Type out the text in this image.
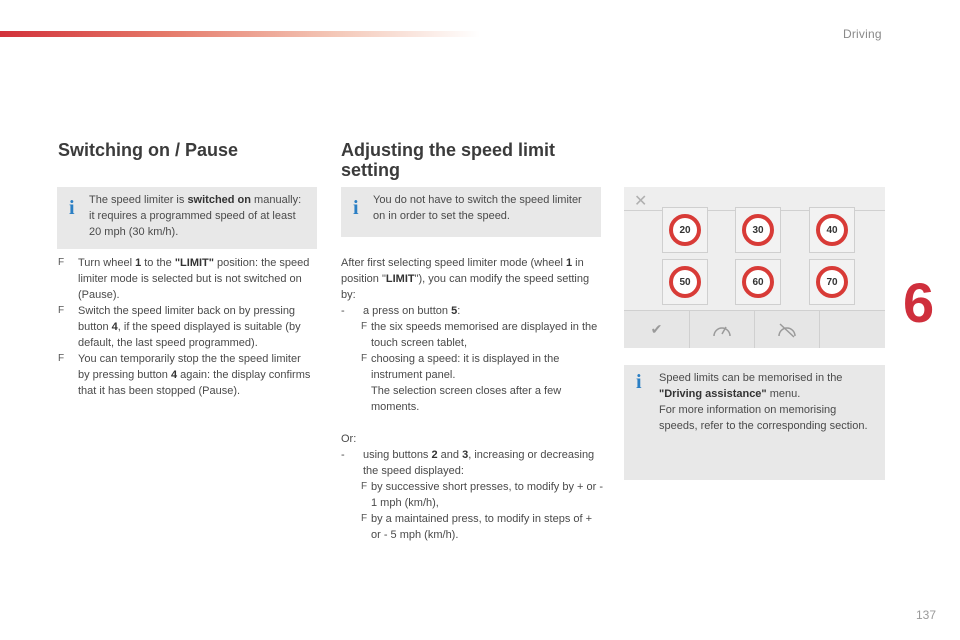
Driving
6
137
Switching on / Pause
i	The speed limiter is switched on manually: it requires a programmed speed of at least 20 mph (30 km/h).
F	Turn wheel 1 to the "LIMIT" position: the speed limiter mode is selected but is not switched on (Pause).
F	Switch the speed limiter back on by pressing button 4, if the speed displayed is suitable (by default, the last speed programmed).
F	You can temporarily stop the the speed limiter by pressing button 4 again: the display confirms that it has been stopped (Pause).
Adjusting the speed limit setting
i	You do not have to switch the speed limiter on in order to set the speed.
After first selecting speed limiter mode (wheel 1 in position "LIMIT"), you can modify the speed setting by:
- a press on button 5:
F the six speeds memorised are displayed in the touch screen tablet,
F choosing a speed: it is displayed in the instrument panel.
The selection screen closes after a few moments.
Or:
- using buttons 2 and 3, increasing or decreasing the speed displayed:
F by successive short presses, to modify by + or - 1 mph (km/h),
F by a maintained press, to modify in steps of + or - 5 mph (km/h).
✕
20	30	40
50	60	70
✔
i	Speed limits can be memorised in the "Driving assistance" menu.
For more information on memorising speeds, refer to the corresponding section.
